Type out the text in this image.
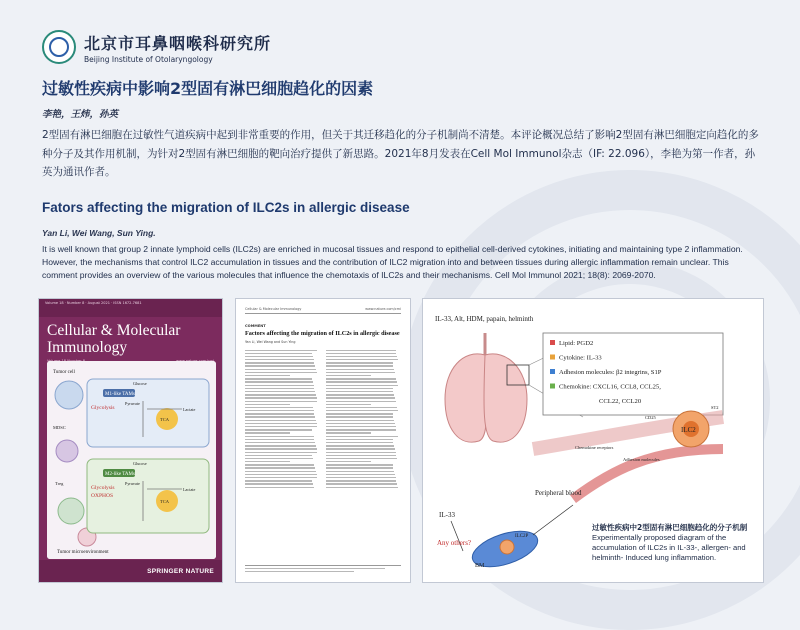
北京市耳鼻咽喉科研究所
Beijing Institute of Otolaryngology
过敏性疾病中影响2型固有淋巴细胞趋化的因素
李艳，王炜，孙英
2型固有淋巴细胞在过敏性气道疾病中起到非常重要的作用，但关于其迁移趋化的分子机制尚不清楚。本评论概况总结了影响2型固有淋巴细胞定向趋化的多种分子及其作用机制，为针对2型固有淋巴细胞的靶向治疗提供了新思路。2021年8月发表在Cell Mol Immunol杂志（IF: 22.096），李艳为第一作者，孙英为通讯作者。
Fators affecting the migration of ILC2s in allergic disease
Yan Li, Wei Wang, Sun Ying.
It is well known that group 2 innate lymphoid cells (ILC2s) are enriched in mucosal tissues and respond to epithelial cell-derived cytokines, initiating and maintaining type 2 inflammation. However, the mechanisms that control ILC2 accumulation in tissues and the contribution of ILC2 migration into and between tissues during allergic inflammation remain unclear. This comment provides an overview of the various molecules that influence the chemotaxis of ILC2s and their mechanisms. Cell Mol Immunol 2021; 18(8): 2069-2070.
Volume 18 · Number 8 · August 2021 · ISSN 1672-7681
Cellular & Molecular Immunology
Tumor cell
MDSC
Treg
M1-like TAMs
M2-like TAMs
Glycolysis
Glycolysis
OXPHOS
TCA
TCA
Glucose
Glucose
Pyruvate
Pyruvate
Lactate
Lactate
Tumor microenvironment
SPRINGER NATURE
Cellular & Molecular Immunology	www.nature.com/cmi
COMMENT
Factors affecting the migration of ILC2s in allergic disease
Yan Li, Wei Wang and Sun Ying
IL-33, Alt, HDM, papain, helminth
Lipid: PGD2
Cytokine: IL-33
Adhesion molecules: β2 integrins, S1P
Chemokine: CXCL16, CCL8, CCL25,
CCL22, CCL20
ILC2
CD25
ST2
Chemokine receptors
Adhesion molecules
Peripheral blood
IL-33
Any others?
BM
ILC2P
过敏性疾病中2型固有淋巴细胞趋化的分子机制
Experimentally proposed diagram of the accumulation of ILC2s in IL-33-, allergen- and helminth- Induced lung inflammation.
